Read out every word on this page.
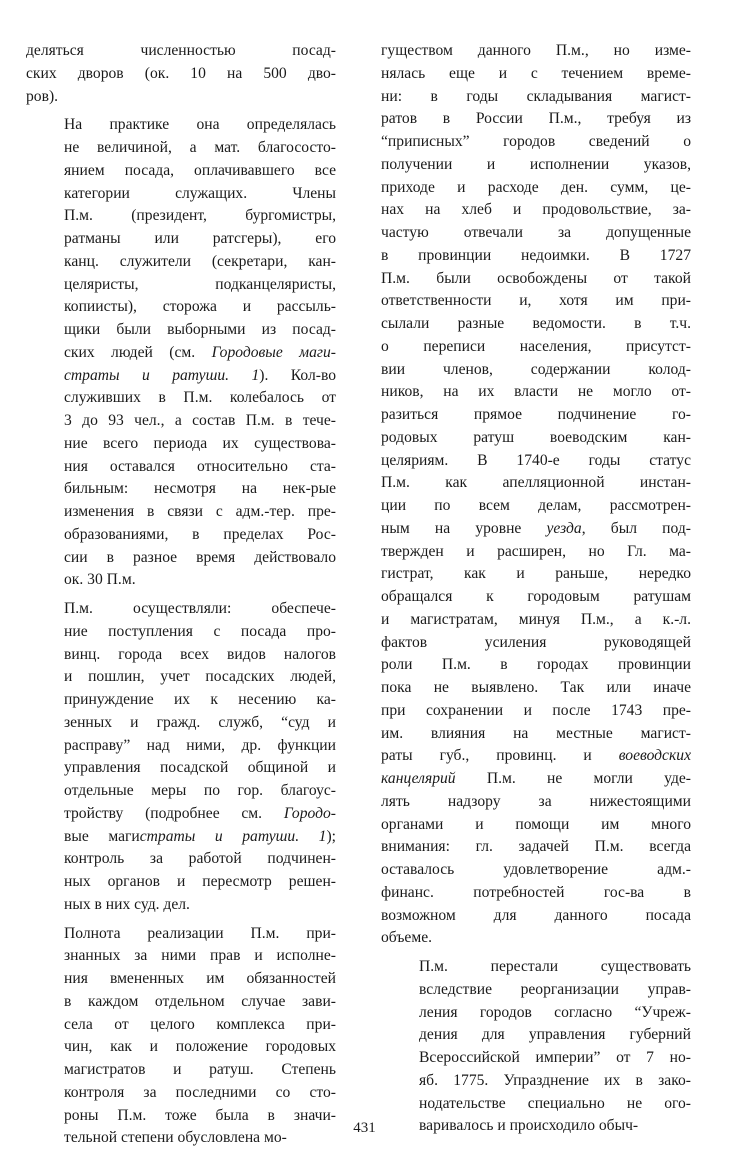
деляться численностью посад-
ских дворов (ок. 10 на 500 дво-
ров).

На практике она определялась
не величиной, а мат. благососто-
янием посада, оплачивавшего все
категории служащих. Члены
П.м. (президент, бургомистры,
ратманы или ратсгеры), его
канц. служители (секретари, кан-
целяристы, подканцеляристы,
копиисты), сторожа и рассыль-
щики были выборными из посад-
ских людей (см. Городовые маги-
страты и ратуши. 1). Кол-во
служивших в П.м. колебалось от
3 до 93 чел., а состав П.м. в тече-
ние всего периода их существова-
ния оставался относительно ста-
бильным: несмотря на нек-рые
изменения в связи с адм.-тер. пре-
образованиями, в пределах Рос-
сии в разное время действовало
ок. 30 П.м.

П.м. осуществляли: обеспече-
ние поступления с посада про-
винц. города всех видов налогов
и пошлин, учет посадских людей,
принуждение их к несению ка-
зенных и гражд. служб, “суд и
расправу” над ними, др. функции
управления посадской общиной и
отдельные меры по гор. благоус-
тройству (подробнее см. Городо-
вые магистраты и ратуши. 1);
контроль за работой подчинен-
ных органов и пересмотр решен-
ных в них суд. дел.

Полнота реализации П.м. при-
знанных за ними прав и исполне-
ния вмененных им обязанностей
в каждом отдельном случае зави-
села от целого комплекса при-
чин, как и положение городовых
магистратов и ратуш. Степень
контроля за последними со сто-
роны П.м. тоже была в значи-
тельной степени обусловлена мо-

гуществом данного П.м., но изме-
нялась еще и с течением време-
ни: в годы складывания магист-
ратов в России П.м., требуя из
“приписных” городов сведений о
получении и исполнении указов,
приходе и расходе ден. сумм, це-
нах на хлеб и продовольствие, за-
частую отвечали за допущенные
в провинции недоимки. В 1727
П.м. были освобождены от такой
ответственности и, хотя им при-
сылали разные ведомости. в т.ч.
о переписи населения, присутст-
вии членов, содержании колод-
ников, на их власти не могло от-
разиться прямое подчинение го-
родовых ратуш воеводским кан-
целяриям. В 1740-е годы статус
П.м. как апелляционной инстан-
ции по всем делам, рассмотрен-
ным на уровне уезда, был под-
твержден и расширен, но Гл. ма-
гистрат, как и раньше, нередко
обращался к городовым ратушам
и магистратам, минуя П.м., а к.-л.
фактов усиления руководящей
роли П.м. в городах провинции
пока не выявлено. Так или иначе
при сохранении и после 1743 пре-
им. влияния на местные магист-
раты губ., провинц. и воеводских
канцелярий П.м. не могли уде-
лять надзору за нижестоящими
органами и помощи им много
внимания: гл. задачей П.м. всегда
оставалось удовлетворение адм.-
финанс. потребностей гос-ва в
возможном для данного посада
объеме.

П.м. перестали существовать
вследствие реорганизации управ-
ления городов согласно “Учреж-
дения для управления губерний
Всероссийской империи” от 7 но-
яб. 1775. Упразднение их в зако-
нодательстве специально не ого-
варивалось и происходило обыч-

431
